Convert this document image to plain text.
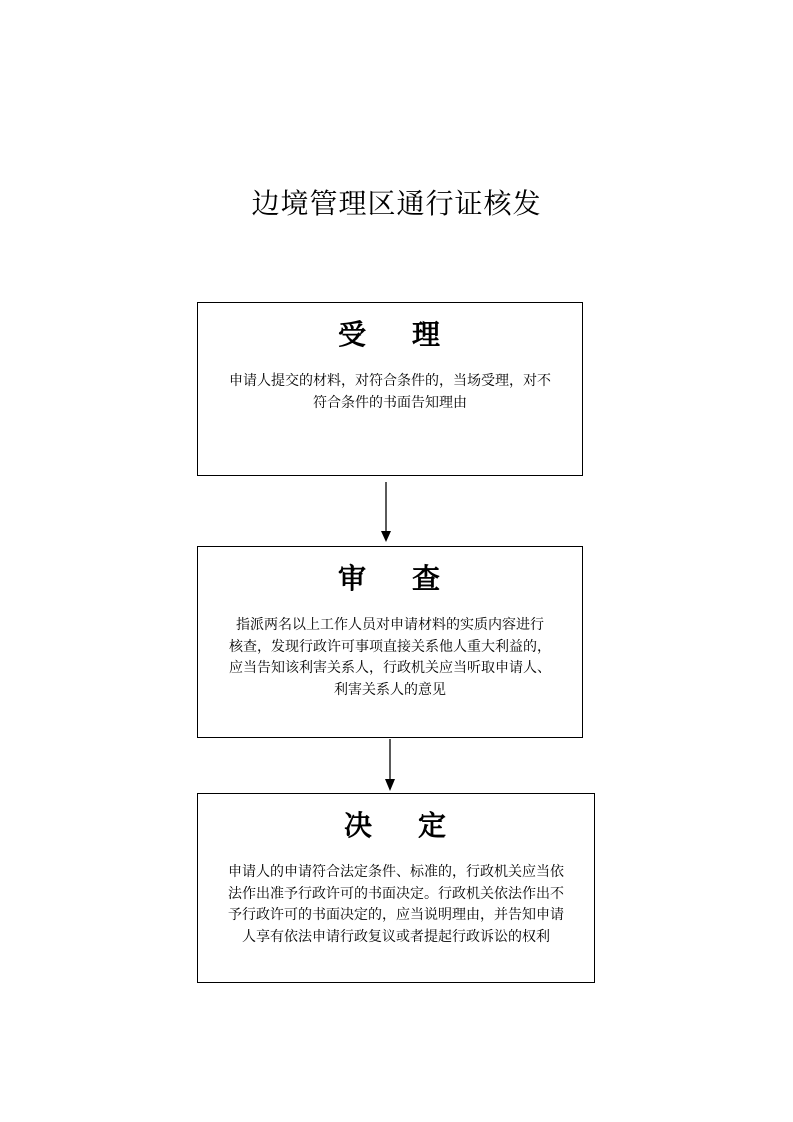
边境管理区通行证核发
受 理
申请人提交的材料，对符合条件的，当场受理，对不
符合条件的书面告知理由
审 查
指派两名以上工作人员对申请材料的实质内容进行
核查，发现行政许可事项直接关系他人重大利益的，
应当告知该利害关系人，行政机关应当听取申请人、
利害关系人的意见
决 定
申请人的申请符合法定条件、标准的，行政机关应当依
法作出准予行政许可的书面决定。行政机关依法作出不
予行政许可的书面决定的，应当说明理由，并告知申请
人享有依法申请行政复议或者提起行政诉讼的权利
